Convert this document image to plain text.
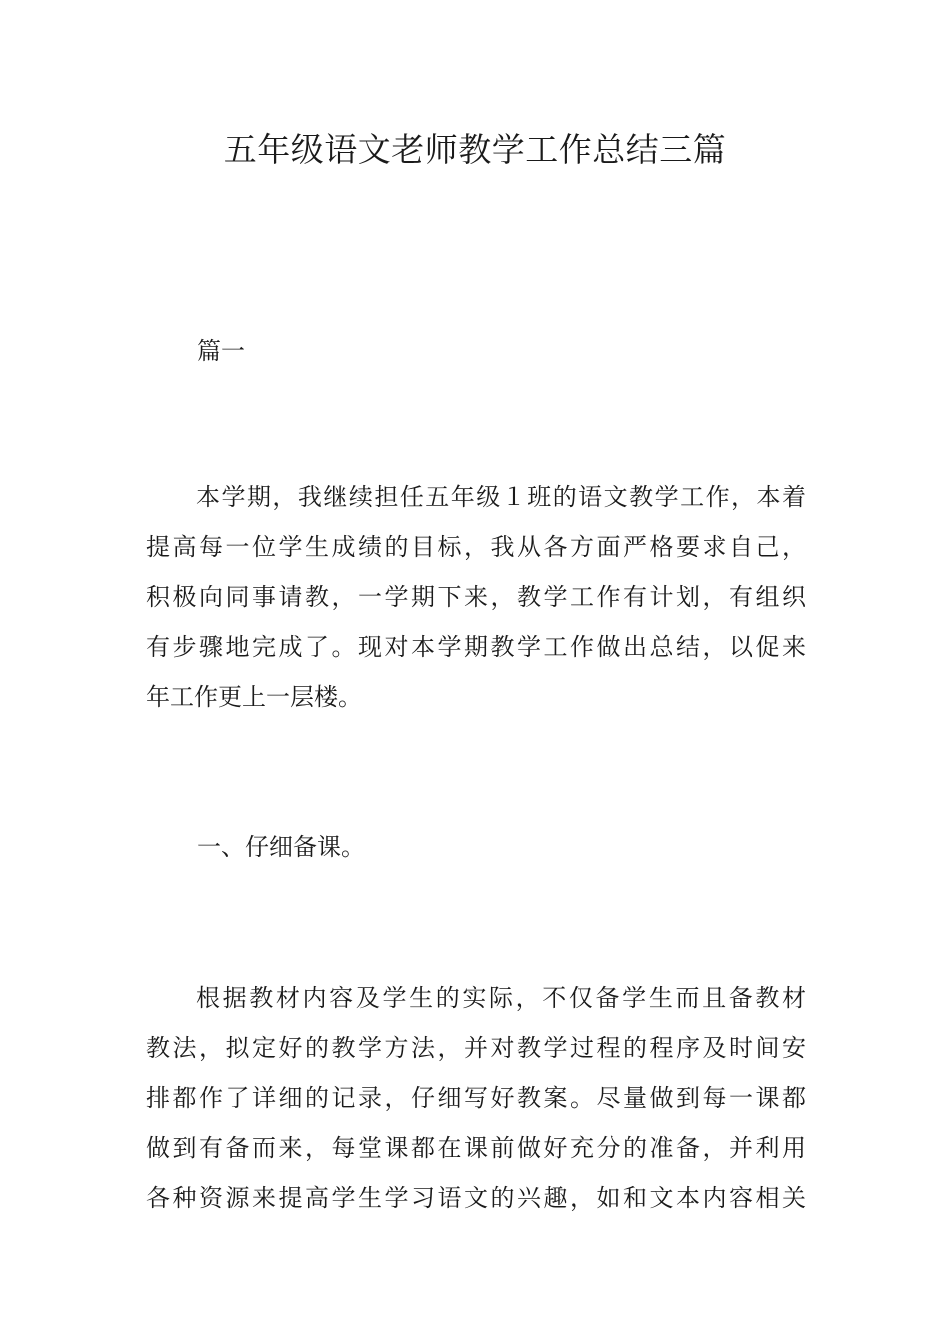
五年级语文老师教学工作总结三篇

篇一

本学期，我继续担任五年级１班的语文教学工作，本着
提高每一位学生成绩的目标，我从各方面严格要求自己，
积极向同事请教，一学期下来，教学工作有计划，有组织
有步骤地完成了。现对本学期教学工作做出总结，以促来
年工作更上一层楼。

一、仔细备课。

根据教材内容及学生的实际，不仅备学生而且备教材
教法，拟定好的教学方法，并对教学过程的程序及时间安
排都作了详细的记录，仔细写好教案。尽量做到每一课都
做到有备而来，每堂课都在课前做好充分的准备，并利用
各种资源来提高学生学习语文的兴趣，如和文本内容相关
